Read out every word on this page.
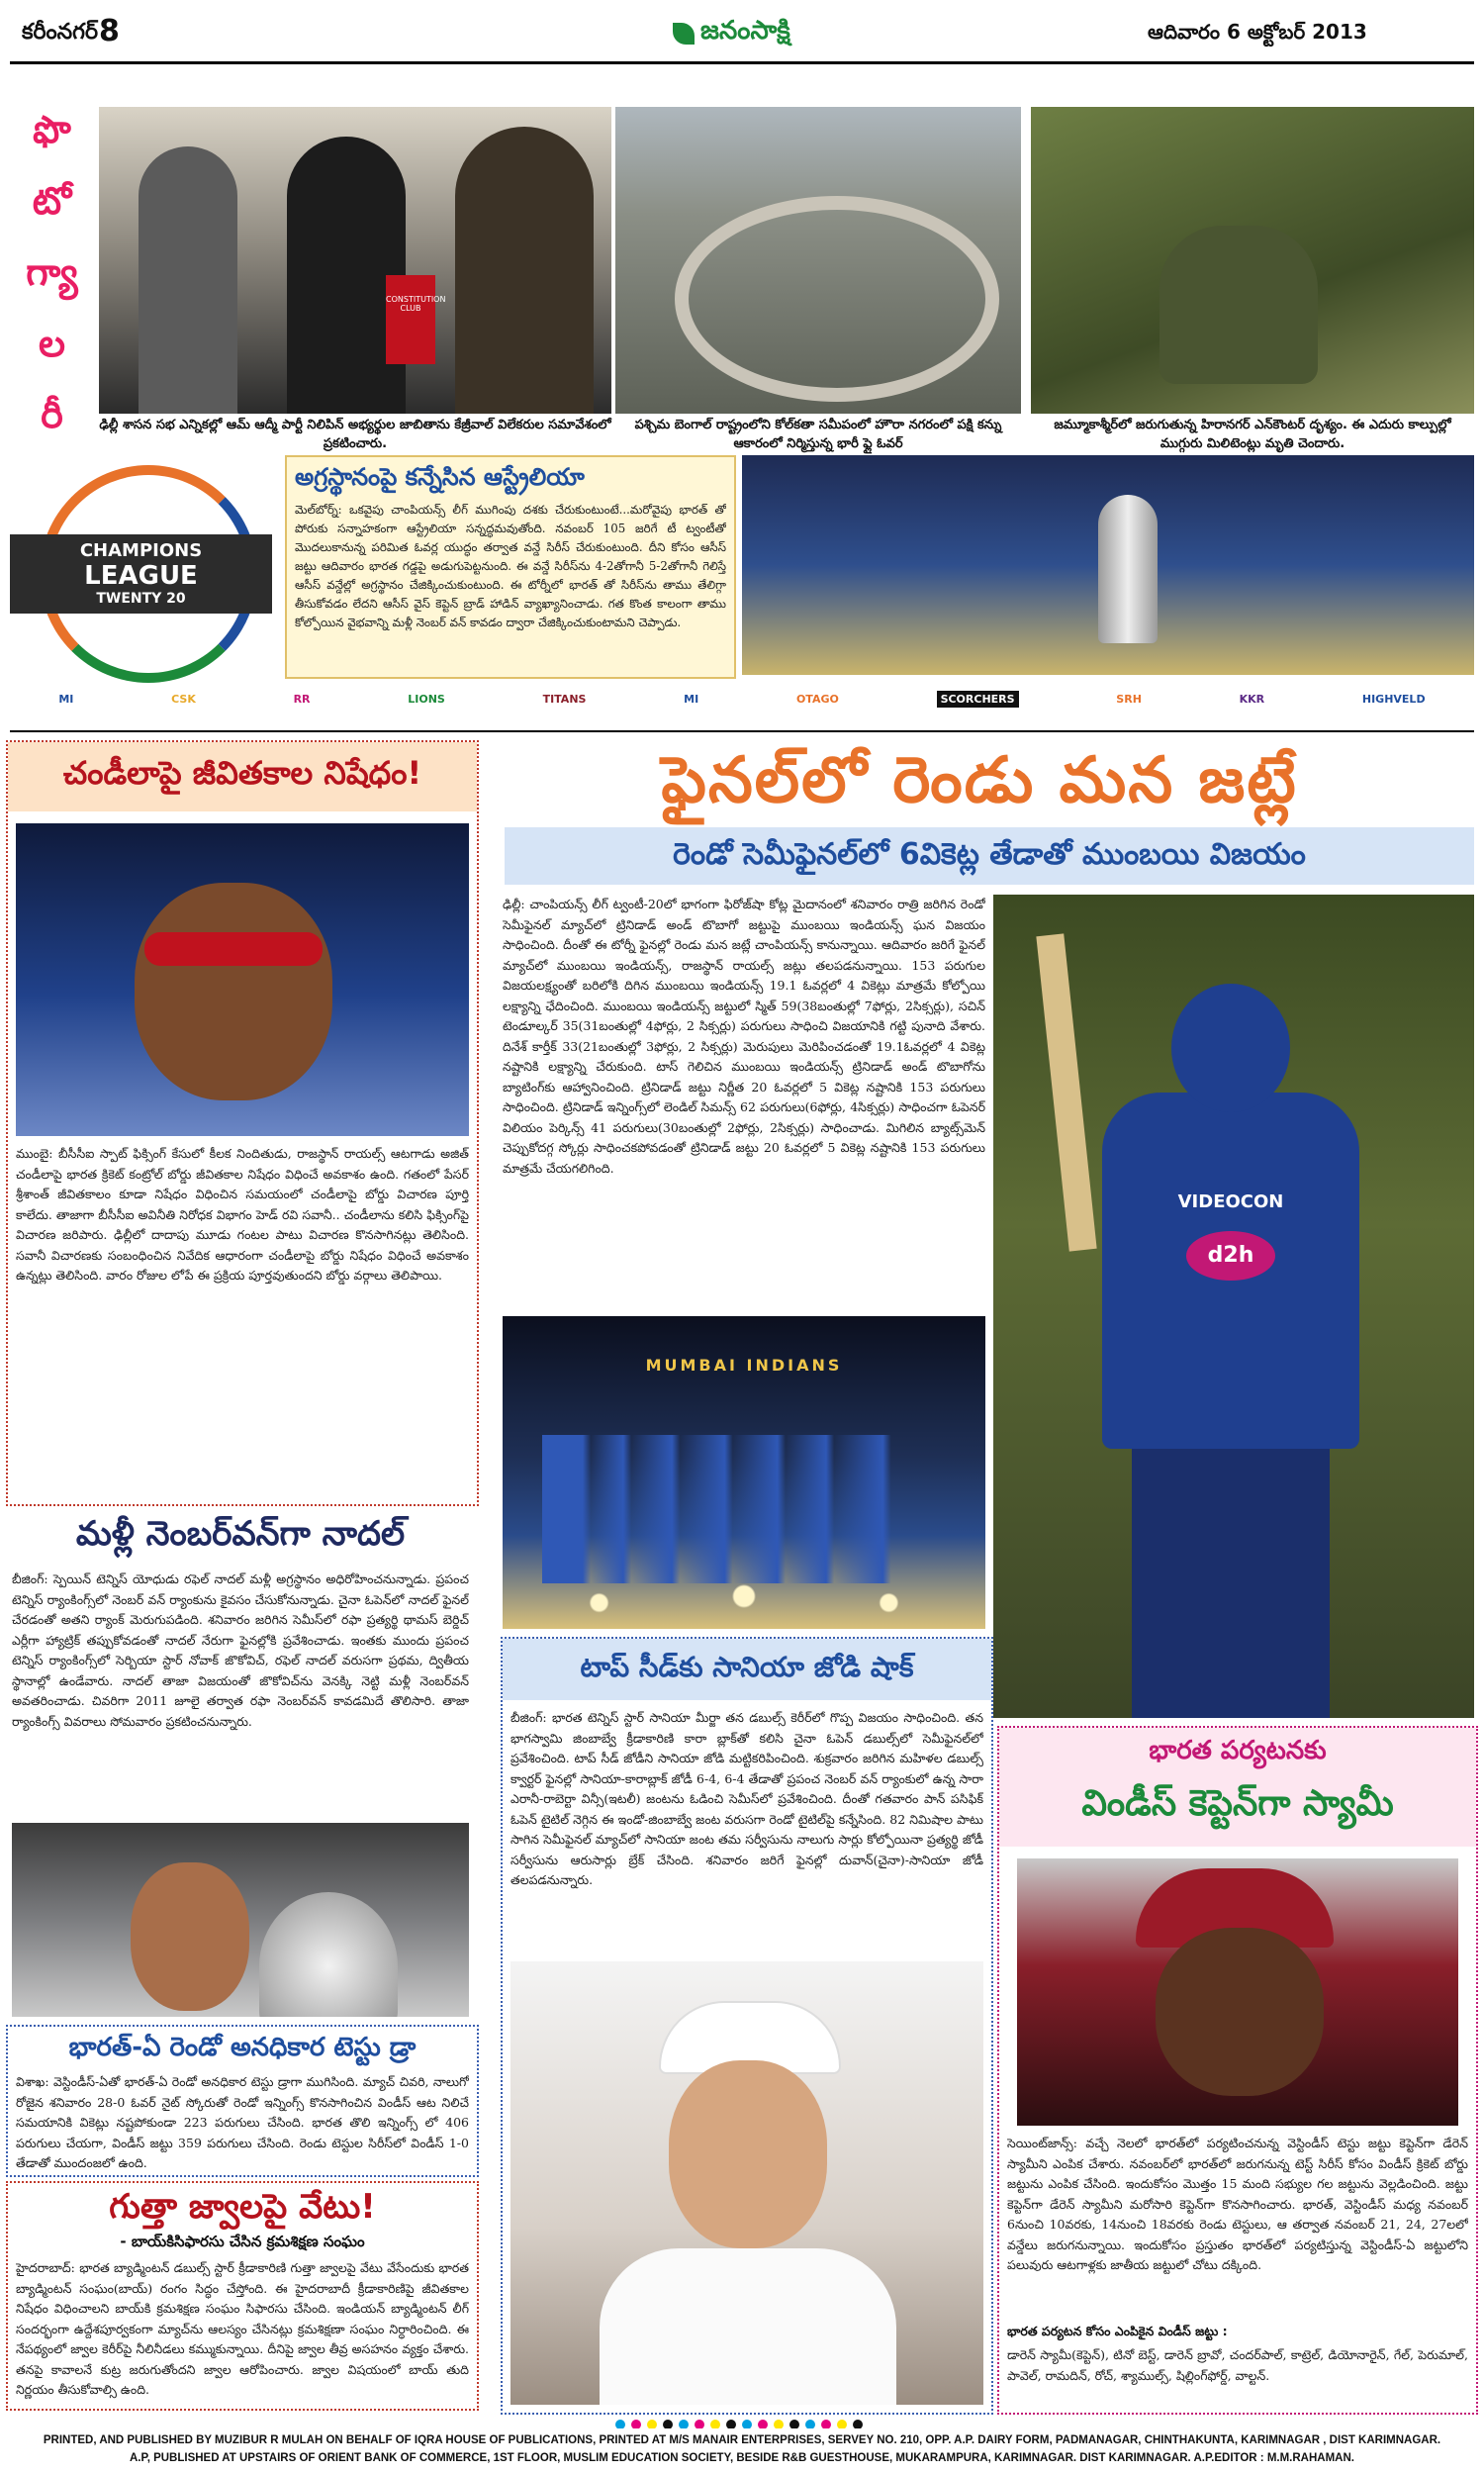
కరీంనగర్ 8	జనంసాక్షి	ఆదివారం 6 అక్టోబర్ 2013
ఫొ
టో
గ్యా
ల
రీ
CONSTITUTION CLUB
ఢిల్లీ శాసన సభ ఎన్నికల్లో ఆమ్ ఆద్మీ పార్టీ నిలిపిన్ అభ్యర్థుల జాబితాను కేజ్రీవాల్ విలేకరుల సమావేశంలో ప్రకటించారు.
పశ్చిమ బెంగాల్ రాష్ట్రంలోని కోల్‌కతా సమీపంలో హౌరా నగరంలో పక్షి కన్ను ఆకారంలో నిర్మిస్తున్న భారీ ఫ్లై ఓవర్
జమ్మూకాశ్మీర్‌లో జరుగుతున్న హిరానగర్ ఎన్‌కౌంటర్ దృశ్యం. ఈ ఎదురు కాల్పుల్లో ముగ్గురు మిలిటెంట్లు మృతి చెందారు.
CHAMPIONS
LEAGUE
TWENTY 20
అగ్రస్థానంపై కన్నేసిన ఆస్ట్రేలియా

మెల్‌బోర్న్: ఒకవైపు చాంపియన్స్ లీగ్ ముగింపు దశకు చేరుకుంటుంటే...మరోవైపు భారత్ తో పోరుకు సన్నాహకంగా ఆస్ట్రేలియా సన్నద్ధమవుతోంది. నవంబర్ 105 జరిగే టీ ట్వంటీతో మొదలుకానున్న పరిమిత ఓవర్ల యుద్ధం తర్వాత వన్డే సిరీస్ చేరుకుంటుంది. దీని కోసం ఆసీస్ జట్టు ఆదివారం భారత గడ్డపై అడుగుపెట్టనుంది. ఈ వన్డే సిరీస్‌ను 4-2తోగానీ 5-2తోగానీ గెలిస్తే ఆసీస్ వన్డేల్లో అగ్రస్థానం చేజిక్కించుకుంటుంది. ఈ టోర్నీలో భారత్ తో సిరీస్‌ను తాము తేలిగ్గా తీసుకోవడం లేదని ఆసీస్ వైస్ కెప్టెన్ బ్రాడ్ హాడిన్ వ్యాఖ్యానించాడు. గత కొంత కాలంగా తాము కోల్పోయిన వైభవాన్ని మళ్లీ నెంబర్ వన్ కావడం ద్వారా చేజిక్కించుకుంటామని చెప్పాడు.

MI	CSK	RR	LIONS	TITANS	MI	OTAGO	SCORCHERS	SRH	KKR	HIGHVELD
చండీలాపై జీవితకాల నిషేధం!

ముంబై: బీసీసీఐ స్పాట్ ఫిక్సింగ్ కేసులో కీలక నిందితుడు, రాజస్థాన్ రాయల్స్ ఆటగాడు అజిత్ చండీలాపై భారత క్రికెట్ కంట్రోల్ బోర్డు జీవితకాల నిషేధం విధించే అవకాశం ఉంది. గతంలో పేసర్ శ్రీశాంత్ జీవితకాలం కూడా నిషేధం విధించిన సమయంలో చండీలాపై బోర్డు విచారణ పూర్తి కాలేదు. తాజాగా బీసీసీఐ అవినీతి నిరోధక విభాగం హెడ్ రవి సవానీ.. చండీలాను కలిసి ఫిక్సింగ్‌పై విచారణ జరిపారు. ఢిల్లీలో దాదాపు మూడు గంటల పాటు విచారణ కొనసాగినట్లు తెలిసింది. సవానీ విచారణకు సంబంధించిన నివేదిక ఆధారంగా చండీలాపై బోర్డు నిషేధం విధించే అవకాశం ఉన్నట్లు తెలిసింది. వారం రోజుల లోపే ఈ ప్రక్రియ పూర్తవుతుందని బోర్డు వర్గాలు తెలిపాయి.

మళ్లీ నెంబర్‌వన్‌గా నాదల్

బీజింగ్: స్పెయిన్ టెన్నిస్ యోధుడు రఫెల్ నాదల్ మళ్లీ అగ్రస్థానం అధిరోహించనున్నాడు. ప్రపంచ టెన్నిస్ ర్యాంకింగ్స్‌లో నెంబర్ వన్ ర్యాంకును కైవసం చేసుకోనున్నాడు. చైనా ఓపెన్‌లో నాదల్ ఫైనల్ చేరడంతో అతని ర్యాంక్ మెరుగుపడింది. శనివారం జరిగిన సెమీస్‌లో రఫా ప్రత్యర్థి థామస్ బెర్డిచ్ ఎర్లీగా హ్యాట్రిక్ తప్పుకోవడంతో నాదల్ నేరుగా ఫైనల్లోకి ప్రవేశించాడు. ఇంతకు ముందు ప్రపంచ టెన్నిస్ ర్యాంకింగ్స్‌లో సెర్బియా స్టార్ నోవాక్ జొకోవిచ్, రఫెల్ నాదల్ వరుసగా ప్రథమ, ద్వితీయ స్థానాల్లో ఉండేవారు. నాదల్ తాజా విజయంతో జొకోవిచ్‌ను వెనక్కి నెట్టి మళ్లీ నెంబర్‌వన్ అవతరించాడు. చివరిగా 2011 జూలై తర్వాత రఫా నెంబర్‌వన్ కావడమిదే తొలిసారి. తాజా ర్యాంకింగ్స్ వివరాలు సోమవారం ప్రకటించనున్నారు.

భారత్-ఏ రెండో అనధికార టెస్టు డ్రా

విశాఖ: వెస్టిండీస్-ఏతో భారత్-ఏ రెండో అనధికార టెస్టు డ్రాగా ముగిసింది. మ్యాచ్ చివరి, నాలుగో రోజైన శనివారం 28-0 ఓవర్ నైట్ స్కోరుతో రెండో ఇన్నింగ్స్ కొనసాగించిన విండీస్ ఆట నిలిచే సమయానికి వికెట్లు నష్టపోకుండా 223 పరుగులు చేసింది. భారత తొలి ఇన్నింగ్స్ లో 406 పరుగులు చేయగా, విండీస్ జట్టు 359 పరుగులు చేసింది. రెండు టెస్టుల సిరీస్‌లో విండీస్ 1-0 తేడాతో ముందంజలో ఉంది.

ఫైనల్‌లో రెండు మన జట్లే
రెండో సెమీఫైనల్‌లో 6వికెట్ల తేడాతో ముంబయి విజయం

ఢిల్లీ: చాంపియన్స్ లీగ్ ట్వంటీ-20లో భాగంగా ఫిరోజ్‌షా కోట్ల మైదానంలో శనివారం రాత్రి జరిగిన రెండో సెమీఫైనల్ మ్యాచ్‌లో ట్రినిడాడ్ అండ్ టొబాగో జట్టుపై ముంబయి ఇండియన్స్ ఘన విజయం సాధించింది. దీంతో ఈ టోర్నీ ఫైనల్లో రెండు మన జట్లే చాంపియన్స్ కానున్నాయి. ఆదివారం జరిగే ఫైనల్ మ్యాచ్‌లో ముంబయి ఇండియన్స్, రాజస్థాన్ రాయల్స్ జట్లు తలపడనున్నాయి. 153 పరుగుల విజయలక్ష్యంతో బరిలోకి దిగిన ముంబయి ఇండియన్స్ 19.1 ఓవర్లలో 4 వికెట్లు మాత్రమే కోల్పోయి లక్ష్యాన్ని ఛేదించింది. ముంబయి ఇండియన్స్ జట్టులో స్మిత్ 59(38బంతుల్లో 7ఫోర్లు, 2సిక్సర్లు), సచిన్ టెండూల్కర్ 35(31బంతుల్లో 4ఫోర్లు, 2 సిక్సర్లు) పరుగులు సాధించి విజయానికి గట్టి పునాది వేశారు. దినేశ్ కార్తీక్ 33(21బంతుల్లో 3ఫోర్లు, 2 సిక్సర్లు) మెరుపులు మెరిపించడంతో 19.1ఓవర్లలో 4 వికెట్ల నష్టానికి లక్ష్యాన్ని చేరుకుంది. టాస్ గెలిచిన ముంబయి ఇండియన్స్ ట్రినిడాడ్ అండ్ టొబాగోను బ్యాటింగ్‌కు ఆహ్వానించింది. ట్రినిడాడ్ జట్టు నిర్ణీత 20 ఓవర్లలో 5 వికెట్ల నష్టానికి 153 పరుగులు సాధించింది. ట్రినిడాడ్ ఇన్నింగ్స్‌లో లెండిల్ సిమన్స్ 62 పరుగులు(6ఫోర్లు, 4సిక్సర్లు) సాధించగా ఓపెనర్ విలియం పెర్కిన్స్ 41 పరుగులు(30బంతుల్లో 2ఫోర్లు, 2సిక్సర్లు) సాధించాడు. మిగిలిన బ్యాట్స్‌మెన్ చెప్పుకోదగ్గ స్కోర్లు సాధించకపోవడంతో ట్రినిడాడ్ జట్టు 20 ఓవర్లలో 5 వికెట్ల నష్టానికి 153 పరుగులు మాత్రమే చేయగలిగింది.

VIDEOCON
d2h
MUMBAI INDIANS
టాప్ సీడ్‌కు సానియా జోడి షాక్

బీజింగ్: భారత టెన్నిస్ స్టార్ సానియా మీర్జా తన డబుల్స్ కెరీర్‌లో గొప్ప విజయం సాధించింది. తన భాగస్వామి జింబాబ్వే క్రీడాకారిణి కారా బ్లాక్‌తో కలిసి చైనా ఓపెన్ డబుల్స్‌లో సెమీఫైనల్‌లో ప్రవేశించింది. టాప్ సీడ్ జోడీని సానియా జోడి మట్టికరిపించింది. శుక్రవారం జరిగిన మహిళల డబుల్స్ క్వార్టర్ ఫైనల్లో సానియా-కారాబ్లాక్ జోడీ 6-4, 6-4 తేడాతో ప్రపంచ నెంబర్ వన్ ర్యాంకులో ఉన్న సారా ఎరానీ-రాబెర్టా విన్సీ(ఇటలీ) జంటను ఓడించి సెమీస్‌లో ప్రవేశించింది. దీంతో గతవారం పాన్ పసిఫిక్ ఓపెన్ టైటిల్ నెగ్గిన ఈ ఇండో-జింబాబ్వే జంట వరుసగా రెండో టైటిల్‌పై కన్నేసింది. 82 నిమిషాల పాటు సాగిన సెమీఫైనల్ మ్యాచ్‌లో సానియా జంట తమ సర్వీసును నాలుగు సార్లు కోల్పోయినా ప్రత్యర్థి జోడీ సర్వీసును ఆరుసార్లు బ్రేక్ చేసింది. శనివారం జరిగే ఫైనల్లో దువాన్(చైనా)-సానియా జోడీ తలపడనున్నారు.

భారత పర్యటనకు
విండీస్ కెప్టెన్‌గా స్యామీ

సెయింట్‌జాన్స్: వచ్చే నెలలో భారత్‌లో పర్యటించనున్న వెస్టిండీస్ టెస్టు జట్టు కెప్టెన్‌గా డేరెన్ స్యామీని ఎంపిక చేశారు. నవంబర్‌లో భారత్‌లో జరుగనున్న టెస్ట్ సిరీస్ కోసం విండీస్ క్రికెట్ బోర్డు జట్టును ఎంపిక చేసింది. ఇందుకోసం మొత్తం 15 మంది సభ్యుల గల జట్టును వెల్లడించింది. జట్టు కెప్టెన్‌గా డేరెన్ స్యామీని మరోసారి కెప్టెన్‌గా కొనసాగించారు. భారత్, వెస్టిండీస్ మధ్య నవంబర్ 6నుంచి 10వరకు, 14నుంచి 18వరకు రెండు టెస్టులు, ఆ తర్వాత నవంబర్ 21, 24, 27లలో వన్డేలు జరుగనున్నాయి. ఇందుకోసం ప్రస్తుతం భారత్‌లో పర్యటిస్తున్న వెస్టిండీస్-ఏ జట్టులోని పలువురు ఆటగాళ్లకు జాతీయ జట్టులో చోటు దక్కింది.

భారత పర్యటన కోసం ఎంపికైన విండీస్ జట్టు :

డారెన్ స్యామీ(కెప్టెన్), టినో బెస్ట్, డారెన్ బ్రావో, చందర్‌పాల్, కాట్రెల్, డియోనారైన్, గేల్, పెరుమాల్, పావెల్, రామదిన్, రోచ్, శ్యాముల్స్, షిల్లింగ్‌ఫోర్డ్, వాల్టన్.

PRINTED, AND PUBLISHED BY MUZIBUR R MULAH ON BEHALF OF IQRA HOUSE OF PUBLICATIONS, PRINTED AT M/S MANAIR ENTERPRISES, SERVEY NO. 210, OPP. A.P. DAIRY FORM, PADMANAGAR, CHINTHAKUNTA, KARIMNAGAR , DIST KARIMNAGAR.
A.P, PUBLISHED AT UPSTAIRS OF ORIENT BANK OF COMMERCE, 1ST FLOOR, MUSLIM EDUCATION SOCIETY, BESIDE R&B GUESTHOUSE, MUKARAMPURA, KARIMNAGAR. DIST KARIMNAGAR. A.P.EDITOR : M.M.RAHAMAN.
గుత్తా జ్వాలపై వేటు!
- బాయ్‌కిసిఫారసు చేసిన క్రమశిక్షణ సంఘం

హైదరాబాద్: భారత బ్యాడ్మింటన్ డబుల్స్ స్టార్ క్రీడాకారిణి గుత్తా జ్వాలపై వేటు వేసేందుకు భారత బ్యాడ్మింటన్ సంఘం(బాయ్) రంగం సిద్ధం చేస్తోంది. ఈ హైదరాబాదీ క్రీడాకారిణిపై జీవితకాల నిషేధం విధించాలని బాయ్‌కి క్రమశిక్షణ సంఘం సిఫారసు చేసింది. ఇండియన్ బ్యాడ్మింటన్ లీగ్ సందర్భంగా ఉద్దేశపూర్వకంగా మ్యాచ్‌ను ఆలస్యం చేసినట్లు క్రమశిక్షణా సంఘం నిర్ధారించింది. ఈ నేపథ్యంలో జ్వాల కెరీర్‌పై నీలినీడలు కమ్ముకున్నాయి. దీనిపై జ్వాల తీవ్ర అసహనం వ్యక్తం చేశారు. తనపై కావాలనే కుట్ర జరుగుతోందని జ్వాల ఆరోపించారు. జ్వాల విషయంలో బాయ్ తుది నిర్ణయం తీసుకోవాల్సి ఉంది.
